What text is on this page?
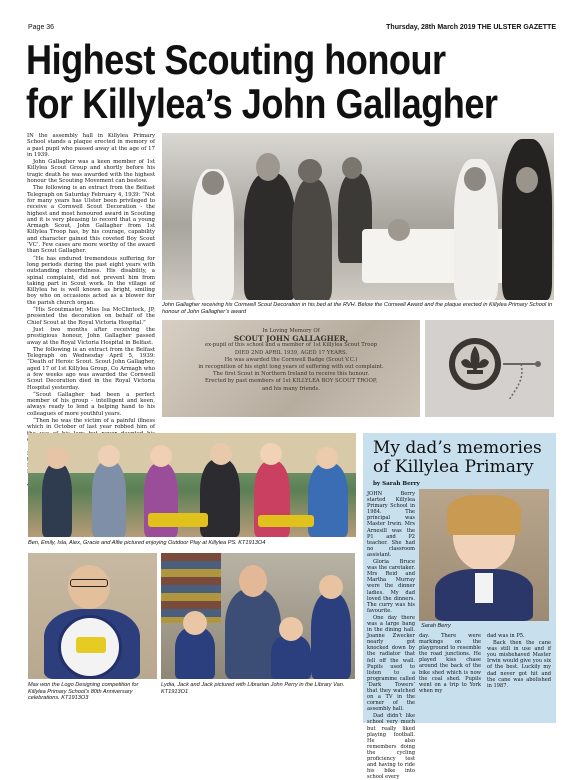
Page 36	Thursday, 28th March 2019 THE ULSTER GAZETTE
Highest Scouting honour
for Killylea’s John Gallagher

IN the assembly hall in Killylea Primary School stands a plaque erected in memory of a past pupil who passed away at the age of 17 in 1939.

John Gallagher was a keen member of 1st Killylea Scout Group and shortly before his tragic death he was awarded with the highest honour the Scouting Movement can bestow.

The following is an extract from the Belfast Telegraph on Saturday February 4, 1939: “Not for many years has Ulster been privileged to receive a Cornwell Scout Decoration - the highest and most honoured award in Scouting and it is very pleasing to record that a young Armagh Scout, John Gallagher from 1st Killylea Troop has, by his courage, capability and character gained this coveted Boy Scout ‘VC’. Few cases are more worthy of the award than Scout Gallagher.

“He has endured tremendous suffering for long periods during the past eight years with outstanding cheerfulness. His disability, a spinal complaint, did not prevent him from taking part in Scout work. In the village of Killylea he is well known as bright, smiling boy who on occasions acted as a blower for the parish church organ.

“His Scoutmaster, Miss Isa McClintock, JP, presented the decoration on behalf of the Chief Scout at the Royal Victoria Hospital.”

Just two months after receiving the prestigious honour, John Gallagher passed away at the Royal Victoria Hospital in Belfast.

The following is an extract from the Belfast Telegraph on Wednesday April 5, 1939: “Death of Heroic Scout. Scout John Gallagher, aged 17 of 1st Killylea Group, Co Armagh who a few weeks ago was awarded the Cornwell Scout Decoration died in the Royal Victoria Hospital yesterday.

“Scout Gallagher had been a perfect member of his group - intelligent and keen, always ready to lend a helping hand to his colleagues of more youthful years.

“Then he was the victim of a painful illness which in October of last year robbed him of

John Gallagher receiving his Cornwell Scout Decoration in his bed at the RVH. Below the Cornwell Award and the plaque erected in Killylea Primary School in honour of John Gallagher’s award
In Loving Memory Of
SCOUT JOHN GALLAGHER,
ex-pupil of this school and a member of 1st Killylea Scout Troop
DIED 2ND APRIL 1939, AGED 17 YEARS.
He was awarded the Cornwell Badge (Scout V.C.)
in recognition of his eight long years of suffering with out complaint.
The first Scout in Northern Ireland to receive this honour.
Erected by past members of 1st KILLYLEA BOY SCOUT TROOP,
and his many friends.
Ben, Emily, Isla, Alex, Gracie and Alfie pictured enjoying Outdoor Play at Killylea PS. KT1913O4
Max won the Logo Designing competition for Killylea Primary School’s 80th Anniversary celebrations. KT1913O3
Lydia, Jack and Jack pictured with Librarian John Perry in the Library Van. KT1913O1
My dad’s memories of Killylea Primary
by Sarah Berry

JOHN Berry started Killylea Primary School in 1984. The principal was Master Irwin. Mrs Arnesill was the P1 and P2 teacher. She had no classroom assistant.

Gloria Bruce was the caretaker. Mrs Reid and Martha Murray were the dinner ladies. My dad loved the dinners. The curry was his favourite.

One day there was a large bang in the dining hall. Joanne Zwecker nearly got knocked down by the radiator that fell off the wall. Pupils used to listen to a programme called ‘Dark Towers’ that they watched on a TV in the corner of the assembly hall.

Dad didn’t like school very much but really liked playing football. He also remembers doing the cycling proficiency test and having to ride his bike into school every

Sarah Berry

day. There were markings on the playground to resemble the road junctions. He played kiss chase around the back of the bike shed which is now the coal shed. Pupils went on a trip to York when my

dad was in P5.

Back then the cane was still in use and if you misbehaved Master Irwin would give you six of the best. Luckily my dad never got hit and the cane was abolished in 1987.
